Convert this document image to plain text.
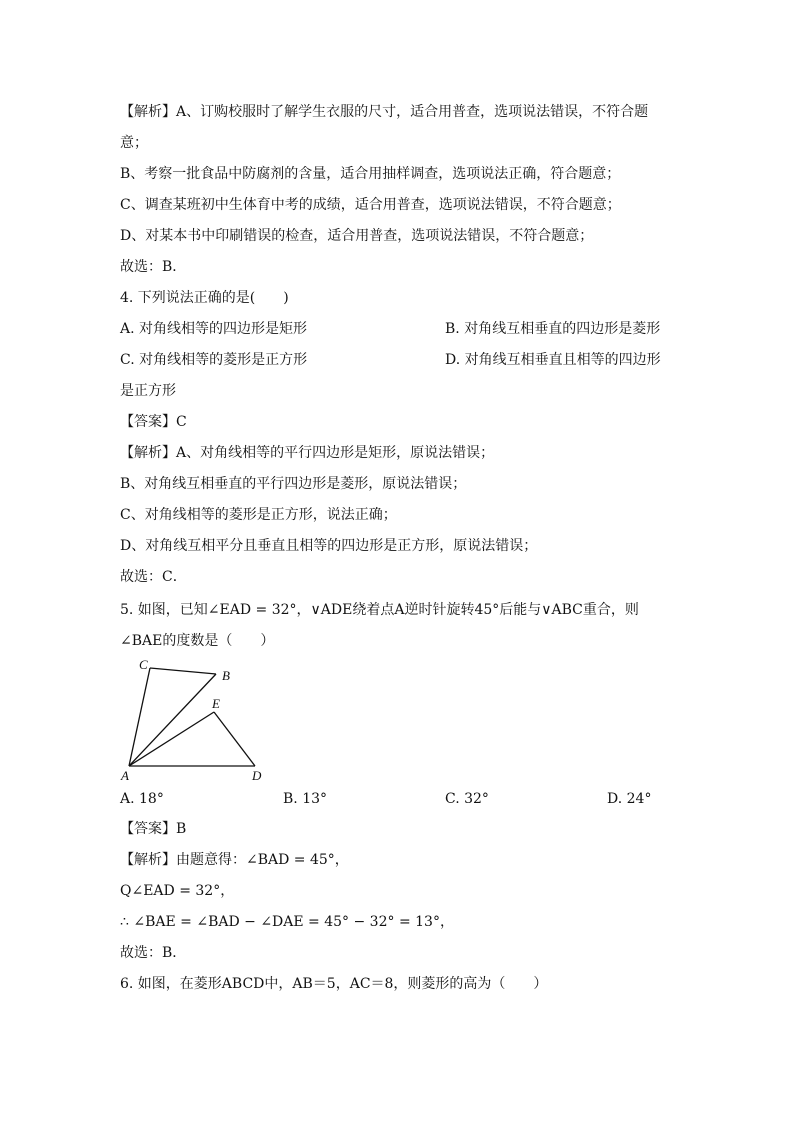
【解析】A、订购校服时了解学生衣服的尺寸，适合用普查，选项说法错误，不符合题
意；
B、考察一批食品中防腐剂的含量，适合用抽样调查，选项说法正确，符合题意；
C、调查某班初中生体育中考的成绩，适合用普查，选项说法错误，不符合题意；
D、对某本书中印刷错误的检查，适合用普查，选项说法错误，不符合题意；
故选：B．
4. 下列说法正确的是(　　)
A. 对角线相等的四边形是矩形	B. 对角线互相垂直的四边形是菱形
C. 对角线相等的菱形是正方形	D. 对角线互相垂直且相等的四边形
是正方形
【答案】C
【解析】A、对角线相等的平行四边形是矩形，原说法错误；
B、对角线互相垂直的平行四边形是菱形，原说法错误；
C、对角线相等的菱形是正方形，说法正确；
D、对角线互相平分且垂直且相等的四边形是正方形，原说法错误；
故选：C．
5. 如图，已知∠EAD = 32°，∨ADE绕着点A逆时针旋转45°后能与∨ABC重合，则
∠BAE的度数是（　　）
C
B
E
A	D
A. 18°	B. 13°	C. 32°	D. 24°
【答案】B
【解析】由题意得：∠BAD = 45°，
Q∠EAD = 32°，
∴ ∠BAE = ∠BAD − ∠DAE = 45° − 32° = 13°，
故选：B．
6. 如图，在菱形ABCD中，AB＝5，AC＝8，则菱形的高为（　　）
